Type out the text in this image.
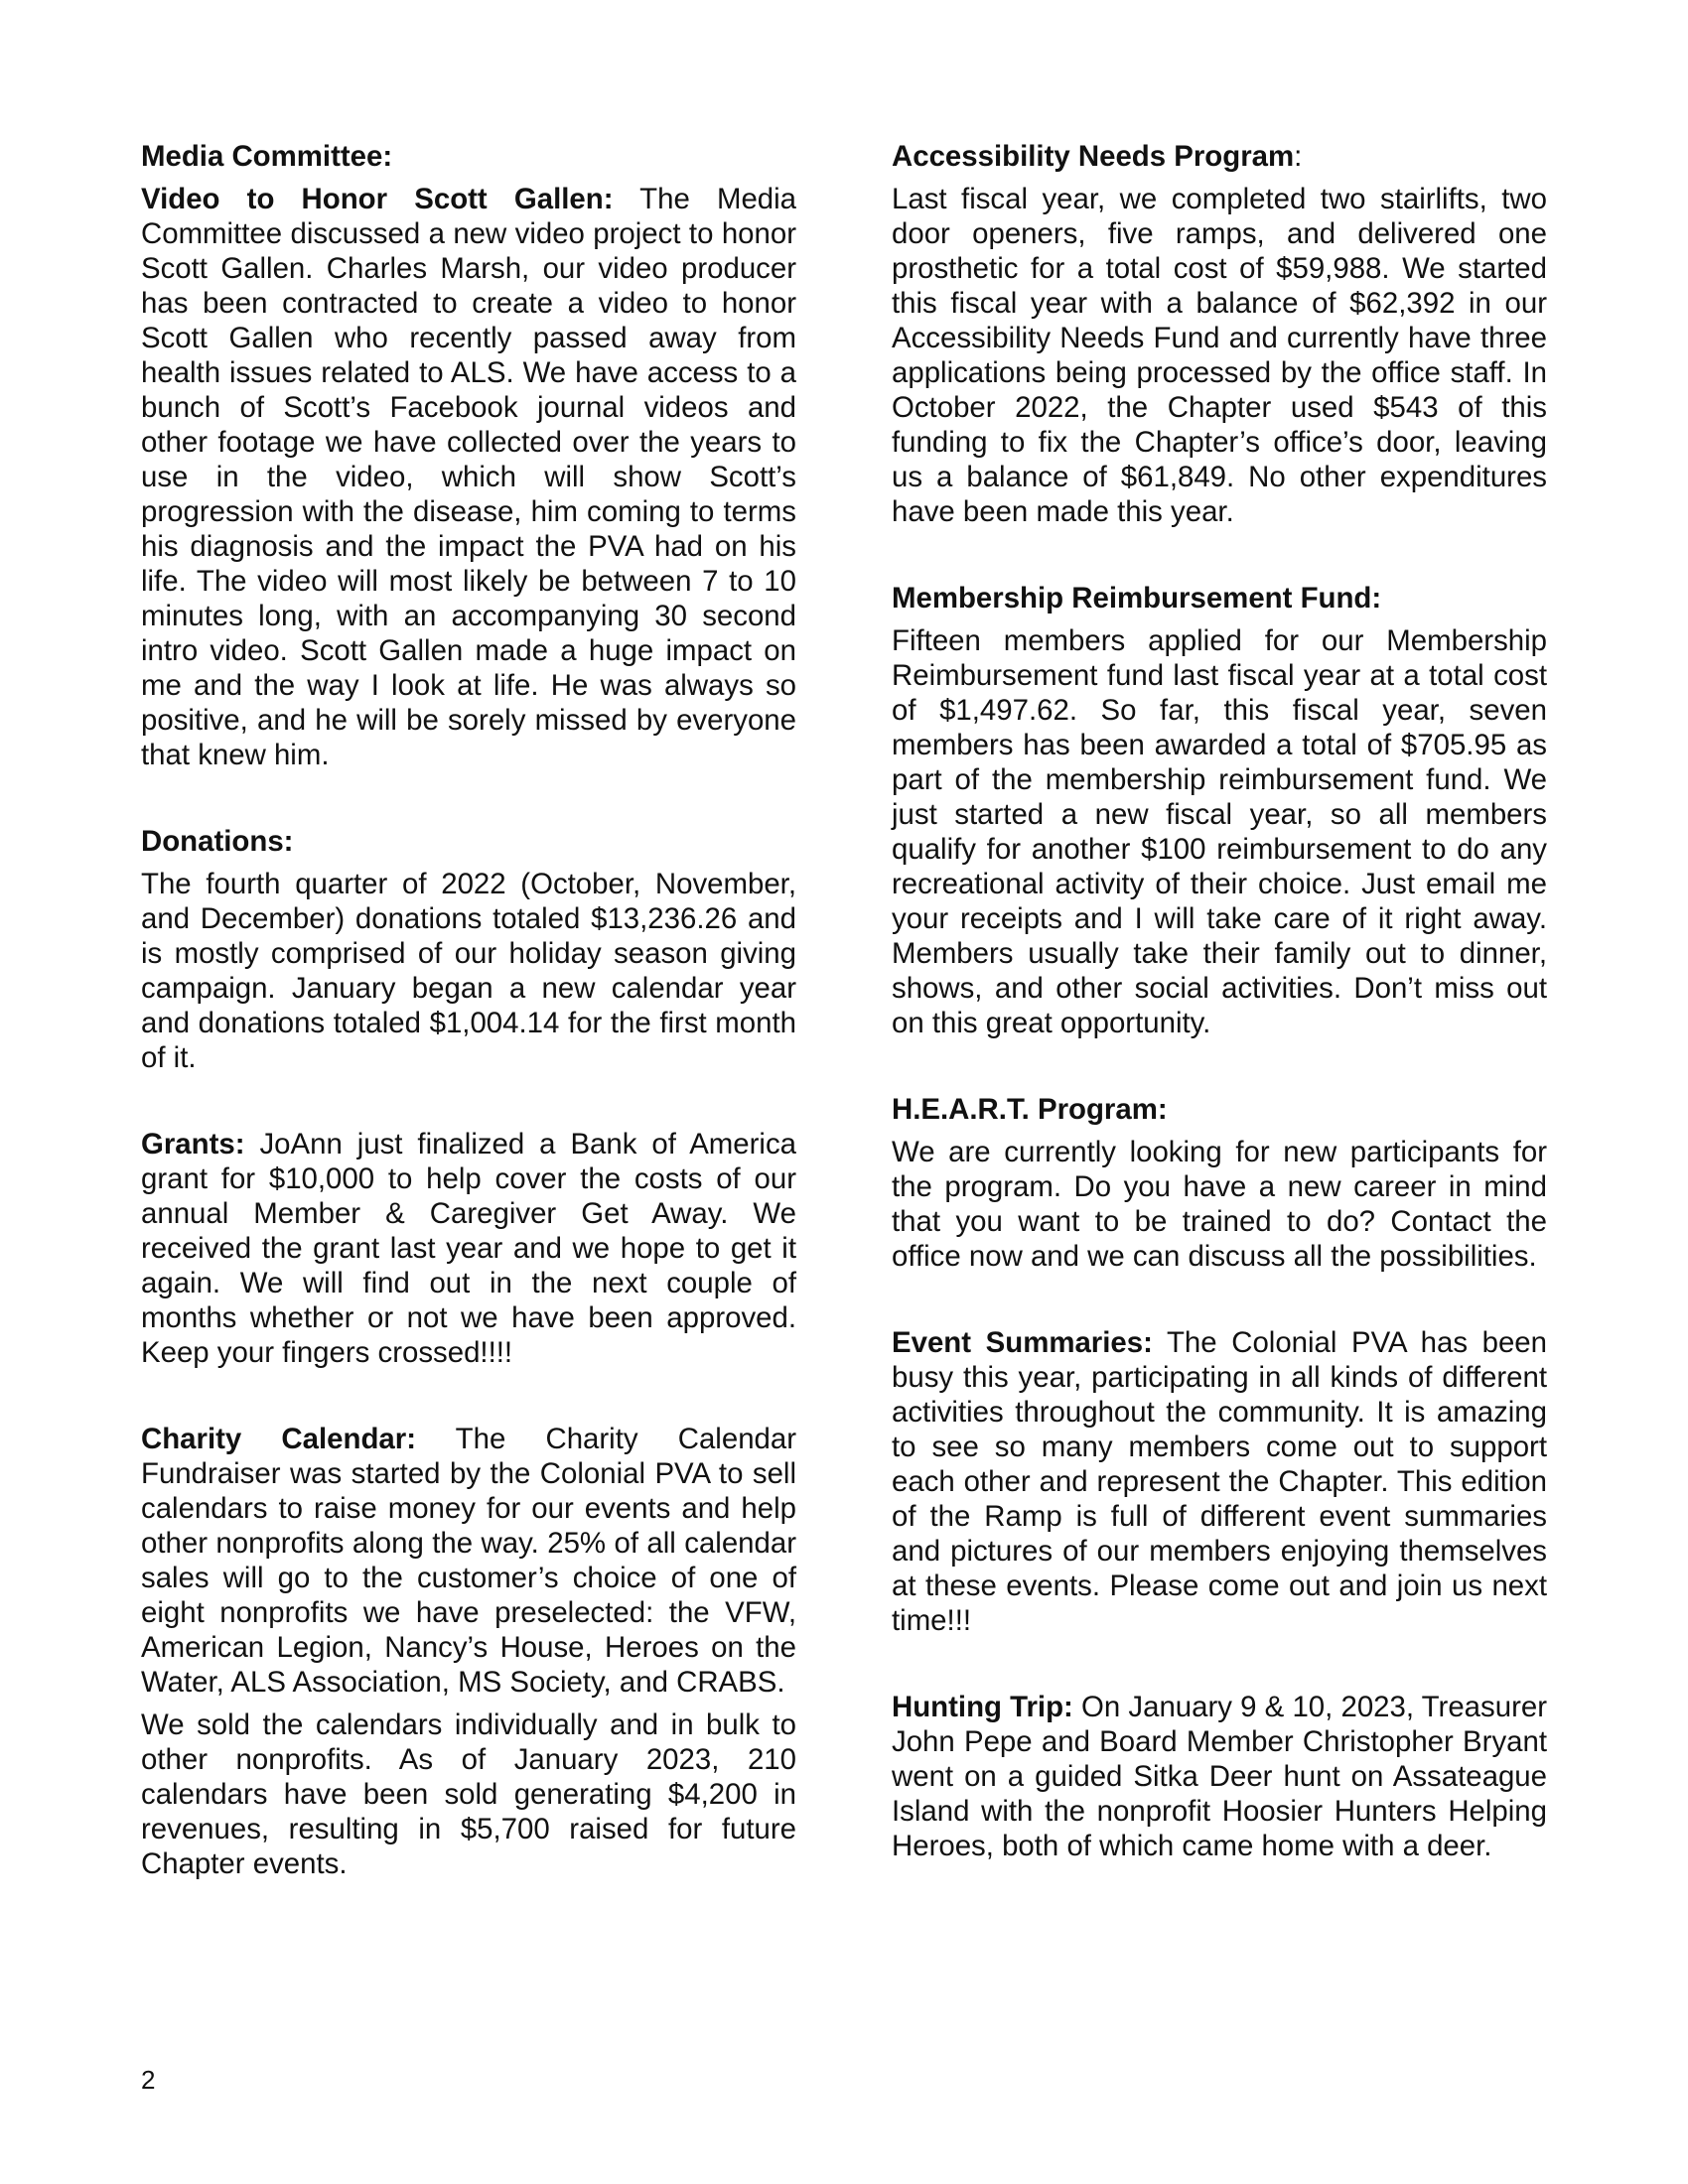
Media Committee:

Video to Honor Scott Gallen: The Media Committee discussed a new video project to honor Scott Gallen. Charles Marsh, our video producer has been contracted to create a video to honor Scott Gallen who recently passed away from health issues related to ALS. We have access to a bunch of Scott’s Facebook journal videos and other footage we have collected over the years to use in the video, which will show Scott’s progression with the disease, him coming to terms his diagnosis and the impact the PVA had on his life. The video will most likely be between 7 to 10 minutes long, with an accompanying 30 second intro video. Scott Gallen made a huge impact on me and the way I look at life. He was always so positive, and he will be sorely missed by everyone that knew him.

Donations:

The fourth quarter of 2022 (October, November, and December) donations totaled $13,236.26 and is mostly comprised of our holiday season giving campaign. January began a new calendar year and donations totaled $1,004.14 for the first month of it.

Grants: JoAnn just finalized a Bank of America grant for $10,000 to help cover the costs of our annual Member & Caregiver Get Away. We received the grant last year and we hope to get it again. We will find out in the next couple of months whether or not we have been approved. Keep your fingers crossed!!!!

Charity Calendar: The Charity Calendar Fundraiser was started by the Colonial PVA to sell calendars to raise money for our events and help other nonprofits along the way. 25% of all calendar sales will go to the customer’s choice of one of eight nonprofits we have preselected: the VFW, American Legion, Nancy’s House, Heroes on the Water, ALS Association, MS Society, and CRABS.

We sold the calendars individually and in bulk to other nonprofits. As of January 2023, 210 calendars have been sold generating $4,200 in revenues, resulting in $5,700 raised for future Chapter events.

Accessibility Needs Program:

Last fiscal year, we completed two stairlifts, two door openers, five ramps, and delivered one prosthetic for a total cost of $59,988. We started this fiscal year with a balance of $62,392 in our Accessibility Needs Fund and currently have three applications being processed by the office staff. In October 2022, the Chapter used $543 of this funding to fix the Chapter’s office’s door, leaving us a balance of $61,849. No other expenditures have been made this year.

Membership Reimbursement Fund:

Fifteen members applied for our Membership Reimbursement fund last fiscal year at a total cost of $1,497.62. So far, this fiscal year, seven members has been awarded a total of $705.95 as part of the membership reimbursement fund. We just started a new fiscal year, so all members qualify for another $100 reimbursement to do any recreational activity of their choice. Just email me your receipts and I will take care of it right away. Members usually take their family out to dinner, shows, and other social activities. Don’t miss out on this great opportunity.

H.E.A.R.T. Program:

We are currently looking for new participants for the program. Do you have a new career in mind that you want to be trained to do? Contact the office now and we can discuss all the possibilities.

Event Summaries: The Colonial PVA has been busy this year, participating in all kinds of different activities throughout the community. It is amazing to see so many members come out to support each other and represent the Chapter. This edition of the Ramp is full of different event summaries and pictures of our members enjoying themselves at these events. Please come out and join us next time!!!

Hunting Trip: On January 9 & 10, 2023, Treasurer John Pepe and Board Member Christopher Bryant went on a guided Sitka Deer hunt on Assateague Island with the nonprofit Hoosier Hunters Helping Heroes, both of which came home with a deer.

2
